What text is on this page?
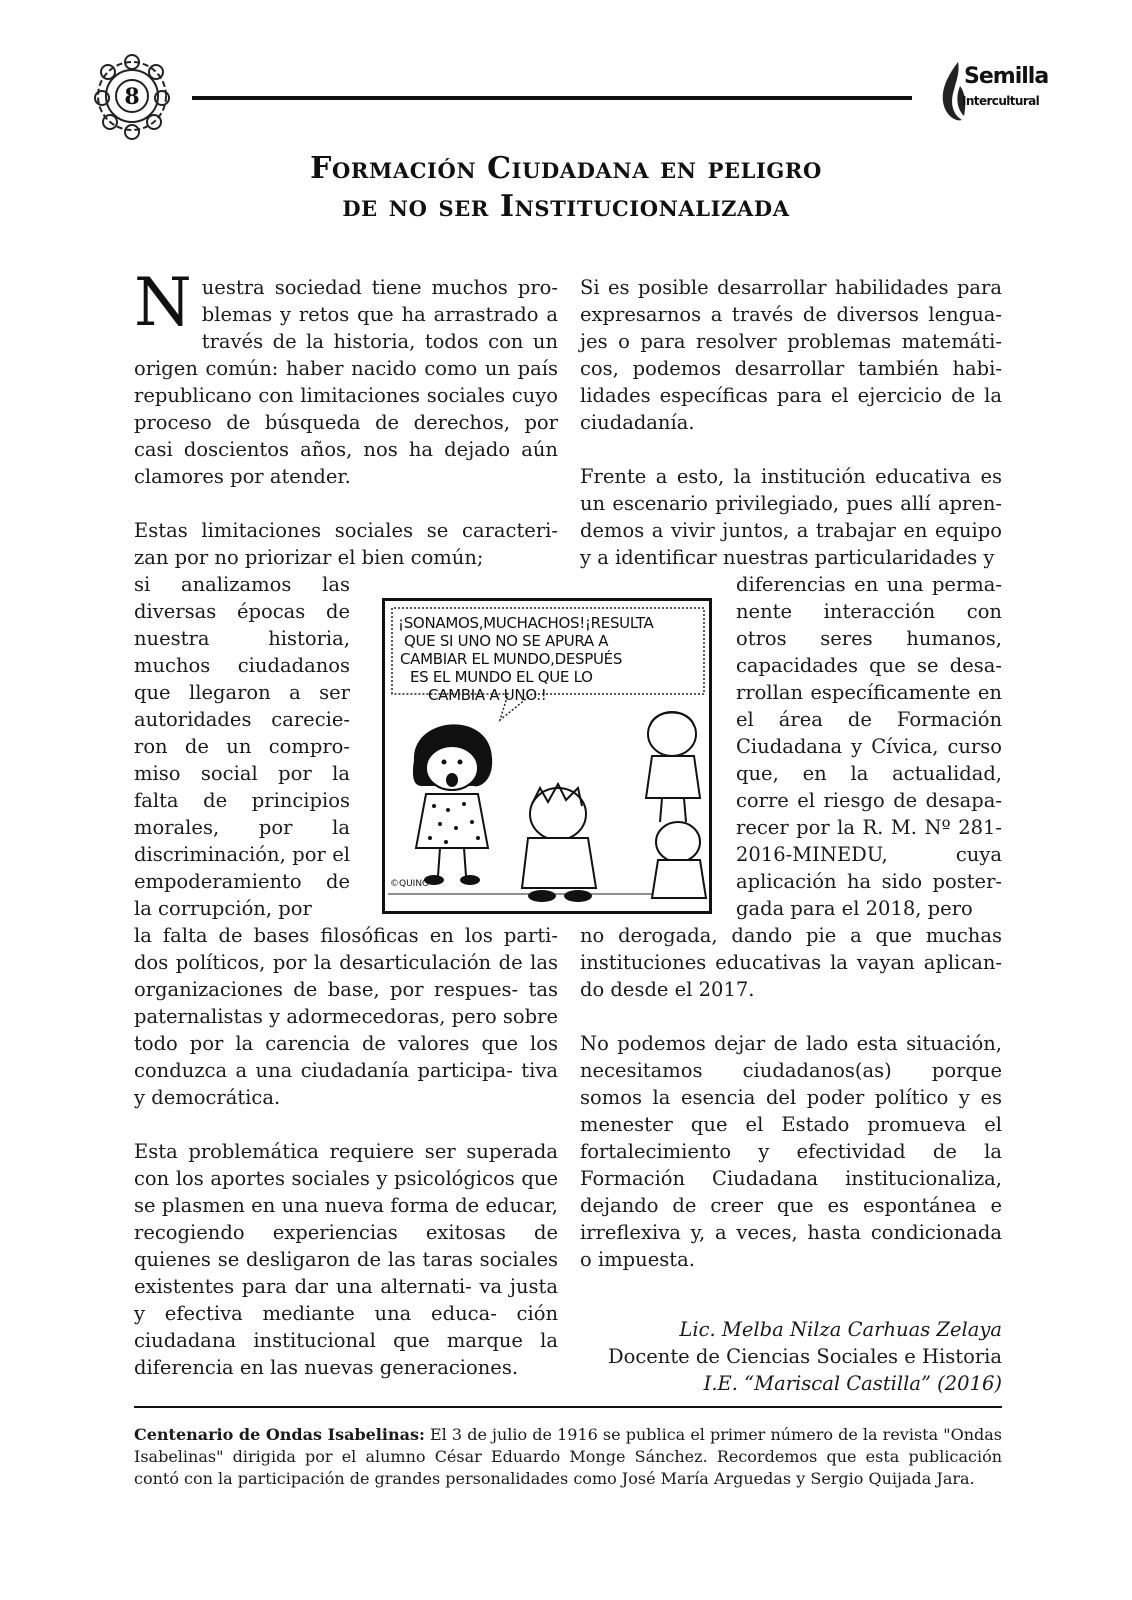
8
Semilla
Intercultural
Formación Ciudadana en peligro
de no ser Institucionalizada

Nuestra sociedad tiene muchos pro- blemas y retos que ha arrastrado a través de la historia, todos con un origen común: haber nacido como un país republicano con limitaciones sociales cuyo proceso de búsqueda de derechos, por casi doscientos años, nos ha dejado aún clamores por atender.

Estas limitaciones sociales se caracteri- zan por no priorizar el bien común;

si analizamos las diversas épocas de nuestra historia, muchos ciudadanos que llegaron a ser autoridades carecie- ron de un compro- miso social por la falta de principios morales, por la discriminación, por el empoderamiento de la corrupción, por

la falta de bases filosóficas en los parti- dos políticos, por la desarticulación de las organizaciones de base, por respues- tas paternalistas y adormecedoras, pero sobre todo por la carencia de valores que los conduzca a una ciudadanía participa- tiva y democrática.

Esta problemática requiere ser superada con los aportes sociales y psicológicos que se plasmen en una nueva forma de educar, recogiendo experiencias exitosas de quienes se desligaron de las taras sociales existentes para dar una alternati- va justa y efectiva mediante una educa- ción ciudadana institucional que marque la diferencia en las nuevas generaciones.

Si es posible desarrollar habilidades para expresarnos a través de diversos lengua- jes o para resolver problemas matemáti- cos, podemos desarrollar también habi- lidades específicas para el ejercicio de la ciudadanía.

Frente a esto, la institución educativa es un escenario privilegiado, pues allí apren- demos a vivir juntos, a trabajar en equipo y a identificar nuestras particularidades y

diferencias en una perma- nente interacción con otros seres humanos, capacidades que se desa- rrollan específicamente en el área de Formación Ciudadana y Cívica, curso que, en la actualidad, corre el riesgo de desapa- recer por la R. M. Nº 281-2016-MINEDU, cuya aplicación ha sido poster- gada para el 2018, pero

no derogada, dando pie a que muchas instituciones educativas la vayan aplican- do desde el 2017.

No podemos dejar de lado esta situación, necesitamos ciudadanos(as) porque somos la esencia del poder político y es menester que el Estado promueva el fortalecimiento y efectividad de la Formación Ciudadana institucionaliza, dejando de creer que es espontánea e irreflexiva y, a veces, hasta condicionada o impuesta.

Lic. Melba Nilza Carhuas Zelaya
Docente de Ciencias Sociales e Historia
I.E. “Mariscal Castilla” (2016)
¡SONAMOS,MUCHACHOS!¡RESULTA
QUE SI UNO NO SE APURA A
CAMBIAR EL MUNDO,DESPUÉS
ES EL MUNDO EL QUE LO
CAMBIA A UNO.!
©QUINO
Centenario de Ondas Isabelinas: El 3 de julio de 1916 se publica el primer número de la revista "Ondas Isabelinas" dirigida por el alumno César Eduardo Monge Sánchez. Recordemos que esta publicación contó con la participación de grandes personalidades como José María Arguedas y Sergio Quijada Jara.
